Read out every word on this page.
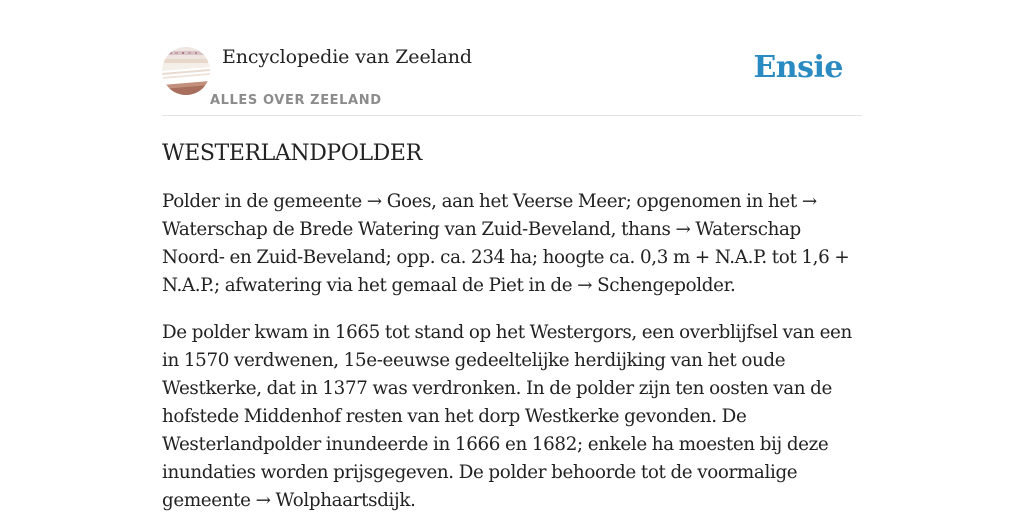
Encyclopedie van Zeeland
ALLES OVER ZEELAND
Ensie
WESTERLANDPOLDER

Polder in de gemeente → Goes, aan het Veerse Meer; opgenomen in het → Waterschap de Brede Watering van Zuid-Beveland, thans → Waterschap Noord- en Zuid-Beveland; opp. ca. 234 ha; hoogte ca. 0,3 m + N.A.P. tot 1,6 + N.A.P.; afwatering via het gemaal de Piet in de → Schengepolder.

De polder kwam in 1665 tot stand op het Westergors, een overblijfsel van een in 1570 verdwenen, 15e-eeuwse gedeeltelijke herdijking van het oude Westkerke, dat in 1377 was verdronken. In de polder zijn ten oosten van de hofstede Middenhof resten van het dorp Westkerke gevonden. De Westerlandpolder inundeerde in 1666 en 1682; enkele ha moesten bij deze inundaties worden prijsgegeven. De polder behoorde tot de voormalige gemeente → Wolphaartsdijk.
